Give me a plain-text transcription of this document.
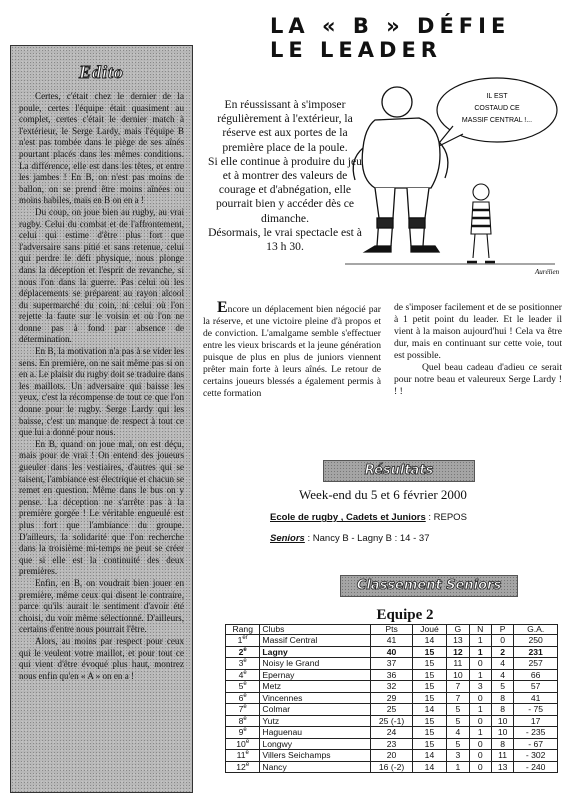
Edito

Certes, c'était chez le dernier de la poule, certes l'équipe était quasiment au complet, certes c'était le dernier match à l'extérieur, le Serge Lardy, mais l'équipe B n'est pas tombée dans le piège de ses aînés pourtant placés dans les mêmes conditions. La différence, elle est dans les têtes, et entre les jambes ! En B, on n'est pas moins de ballon, on se prend être moins aînées ou moins habiles, mais en B on en a !

Du coup, on joue bien au rugby, au vrai rugby. Celui du combat et de l'affrontement, celui qui estime d'être plus fort que l'adversaire sans pitié et sans retenue, celui qui perdre le défi physique, nous plonge dans la déception et l'esprit de revanche, si nous l'on dans la guerre. Pas celui où les déplacements se préparent au rayon alcool du supermarché du coin, ni celui où l'on rejette la faute sur le voisin et où l'on ne donne pas à fond par absence de détermination.

En B, la motivation n'a pas à se vider les sens. En première, on ne sait même pas si on en a. Le plaisir du rugby doit se traduire dans les maillots. Un adversaire qui baisse les yeux, c'est la récompense de tout ce que l'on donne pour le rugby. Serge Lardy qui les baisse, c'est un manque de respect à tout ce que lui a donné pour nous.

En B, quand on joue mal, on est déçu, mais pour de vrai ! On entend des joueurs gueuler dans les vestiaires, d'autres qui se taisent, l'ambiance est électrique et chacun se remet en question. Même dans le bus on y pense. La déception ne s'arrête pas à la première gorgée ! Le véritable engueulé est plus fort que l'ambiance du groupe. D'ailleurs, la solidarité que l'on recherche dans la troisième mi-temps ne peut se créer que si elle est la continuité des deux premières.

Enfin, en B, on voudrait bien jouer en première, même ceux qui disent le contraire, parce qu'ils aurait le sentiment d'avoir été choisi, du voir même sélectionné. D'ailleurs, certains d'entre nous pourrait l'être.

Alors, au moins par respect pour ceux qui le veulent votre maillot, et pour tout ce qui vient d'être évoqué plus haut, montrez nous enfin qu'en « A » on en a !

LA « B » DÉFIE
LE LEADER

En réussissant à s'imposer régulièrement à l'extérieur, la réserve est aux portes de la première place de la poule.

Si elle continue à produire du jeu et à montrer des valeurs de courage et d'abnégation, elle pourrait bien y accéder dès ce dimanche.

Désormais, le vrai spectacle est à 13 h 30.

IL EST
COSTAUD CE
MASSIF CENTRAL !...
Aurélien

Encore un déplacement bien négocié par la réserve, et une victoire pleine d'à propos et de conviction. L'amalgame semble s'effectuer entre les vieux briscards et la jeune génération puisque de plus en plus de juniors viennent prêter main forte à leurs aînés. Le retour de certains joueurs blessés a également permis à cette formation

de s'imposer facilement et de se positionner à 1 petit point du leader. Et le leader il vient à la maison aujourd'hui ! Cela va être dur, mais en continuant sur cette voie, tout est possible.

Quel beau cadeau d'adieu ce serait pour notre beau et valeureux Serge Lardy ! ! !

Résultats
Week-end du 5 et 6 février 2000
Ecole de rugby , Cadets et Juniors : REPOS
Seniors : Nancy B - Lagny B : 14 - 37
Classement Seniors
Equipe 2
Rang	Clubs	Pts	Joué	G	N	P	G.A.
1er	Massif Central	41	14	13	1	0	250
2e	Lagny	40	15	12	1	2	231
3e	Noisy le Grand	37	15	11	0	4	257
4e	Epernay	36	15	10	1	4	66
5e	Metz	32	15	7	3	5	57
6e	Vincennes	29	15	7	0	8	41
7e	Colmar	25	14	5	1	8	- 75
8e	Yutz	25 (-1)	15	5	0	10	17
9e	Haguenau	24	15	4	1	10	- 235
10e	Longwy	23	15	5	0	8	- 67
11e	Villers Seichamps	20	14	3	0	11	- 302
12e	Nancy	16 (-2)	14	1	0	13	- 240
